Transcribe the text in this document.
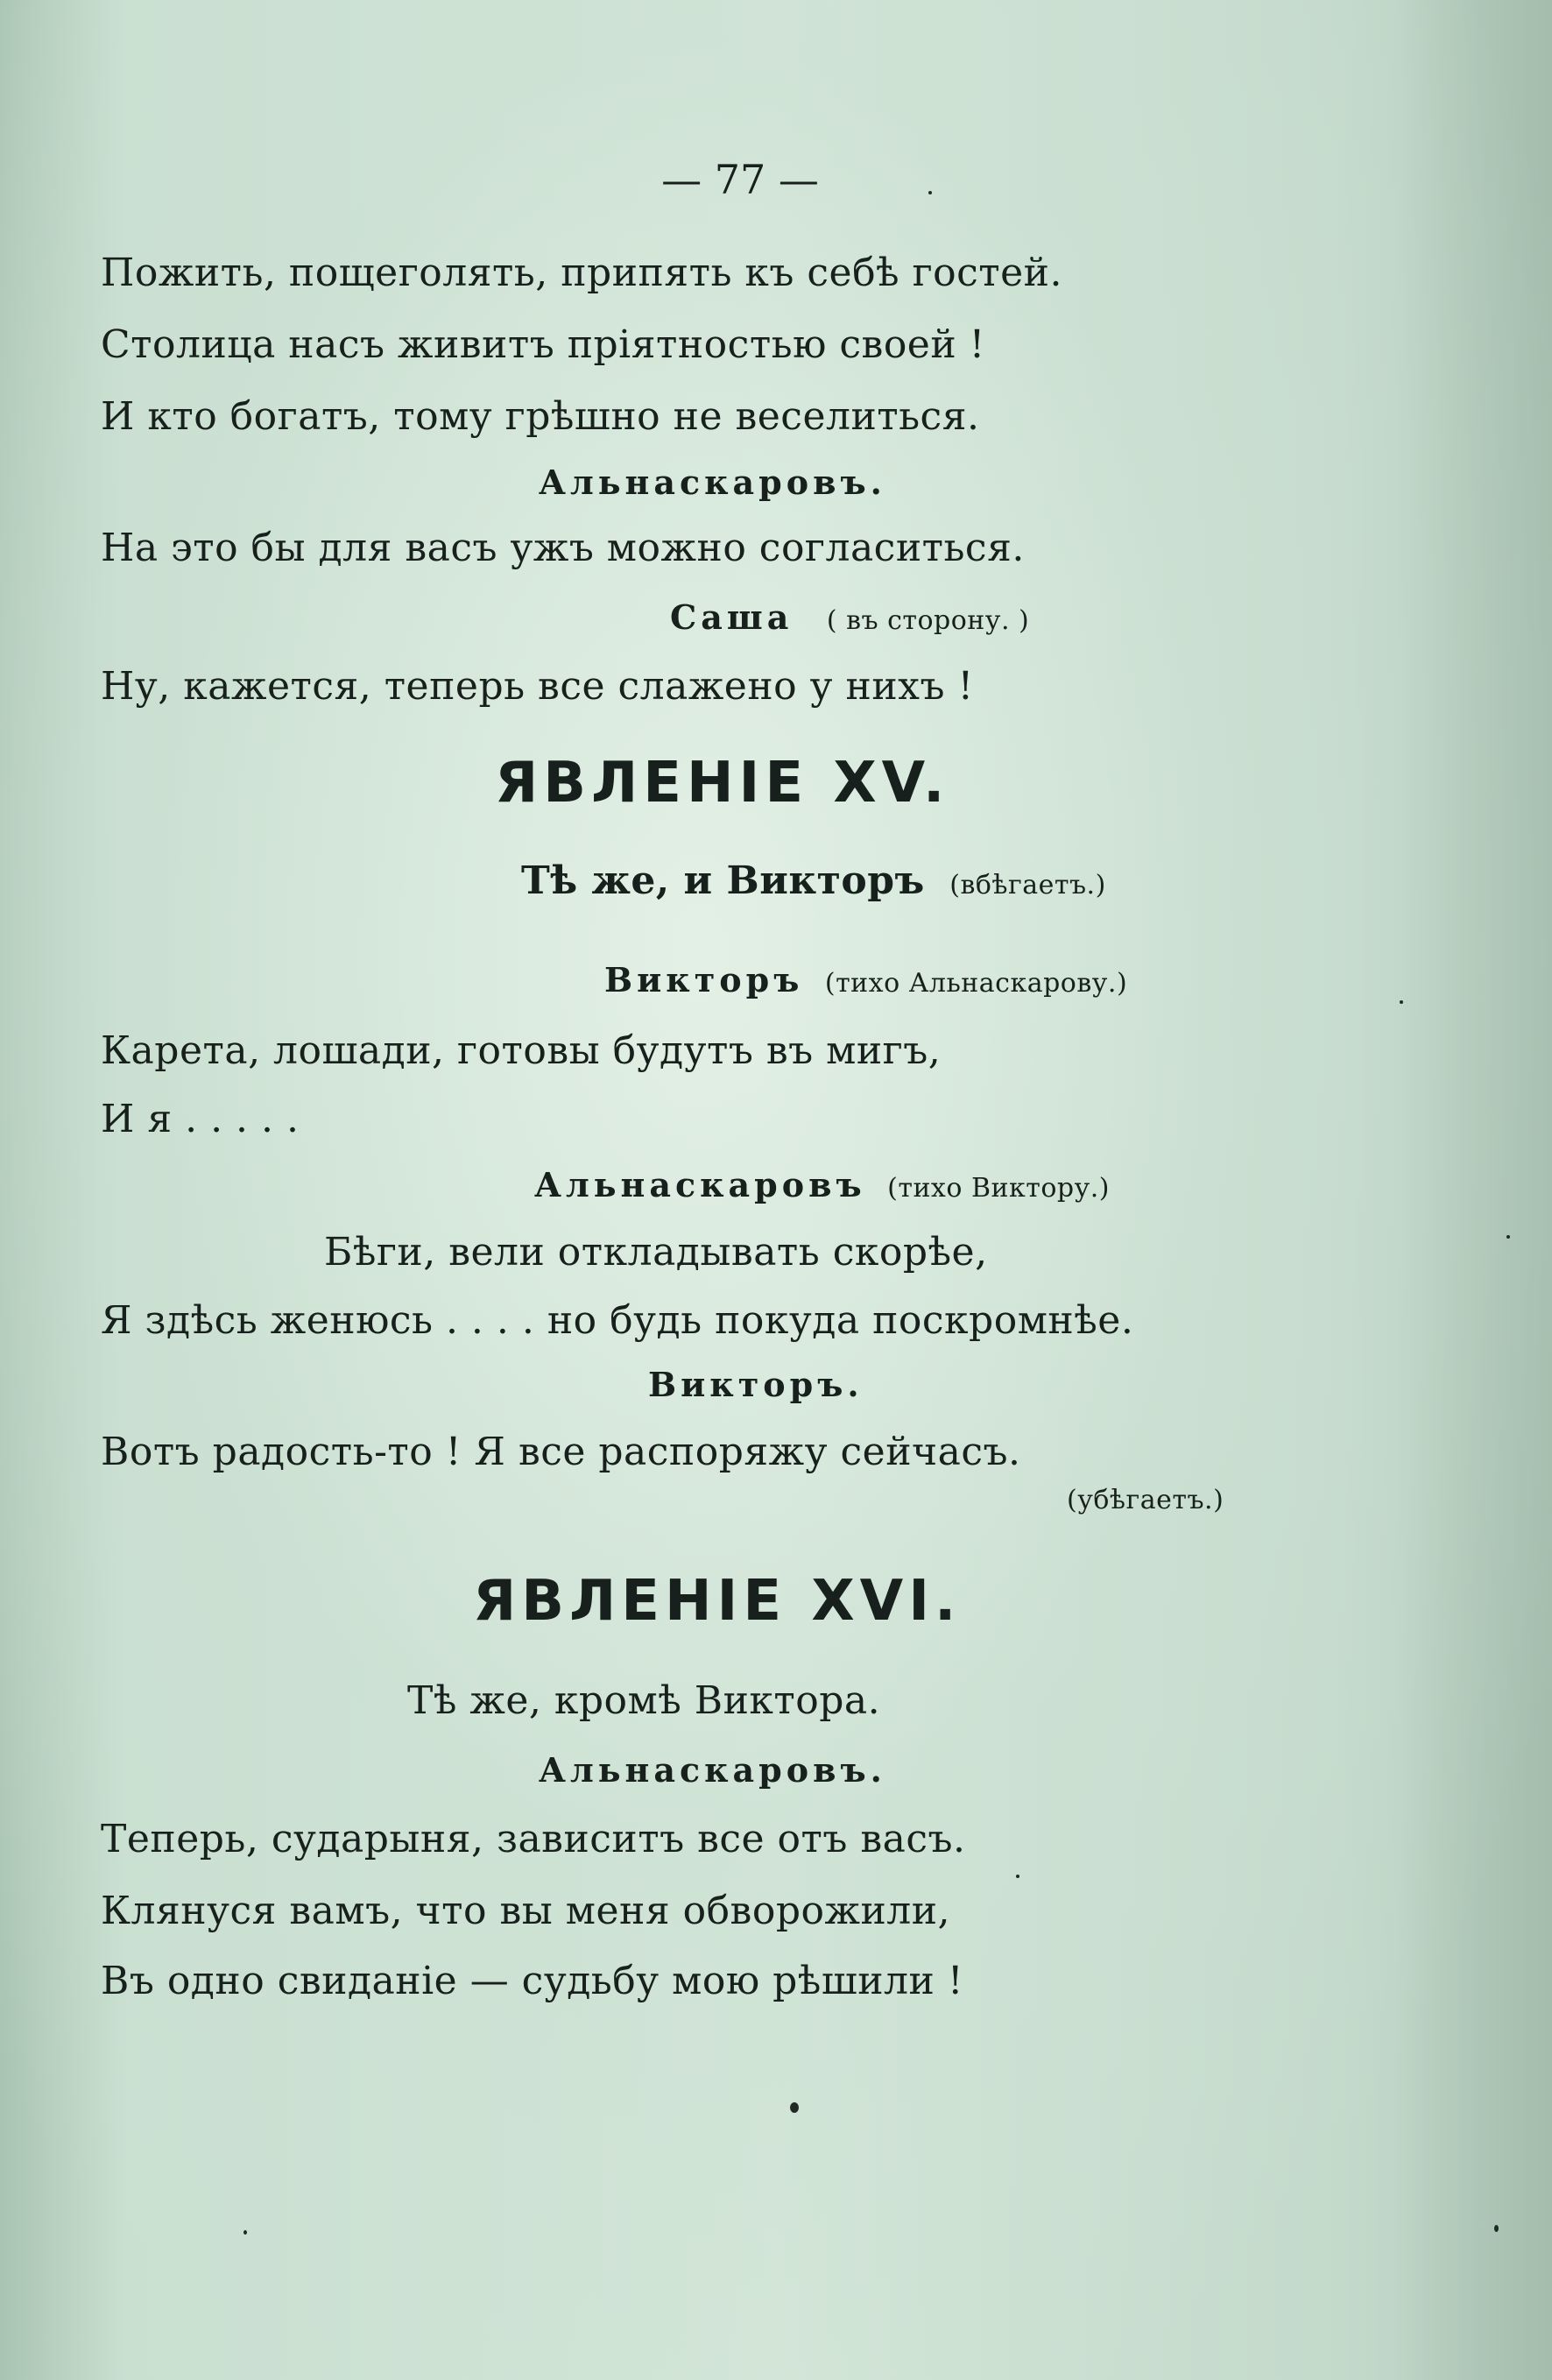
— 77 —
Пожить, пощеголять, припять къ себѣ гостей.
Столица насъ живитъ пріятностью своей !
И кто богатъ, тому грѣшно не веселиться.
Альнаскаровъ.
На это бы для васъ ужъ можно согласиться.
Саша ( въ сторону. )
Ну, кажется, теперь все слажено у нихъ !
ЯВЛЕНІЕ XV.
Тѣ же, и Викторъ (вбѣгаетъ.)
Викторъ (тихо Альнаскарову.)
Карета, лошади, готовы будутъ въ мигъ,
И я . . . . .
Альнаскаровъ (тихо Виктору.)
Бѣги, вели откладывать скорѣе,
Я здѣсь женюсь . . . . но будь покуда поскромнѣе.
Викторъ.
Вотъ радость-то ! Я все распоряжу сейчасъ.
(убѣгаетъ.)
ЯВЛЕНІЕ XVI.
Тѣ же, кромѣ Виктора.
Альнаскаровъ.
Теперь, сударыня, зависитъ все отъ васъ.
Клянуся вамъ, что вы меня обворожили,
Въ одно свиданіе — судьбу мою рѣшили !
